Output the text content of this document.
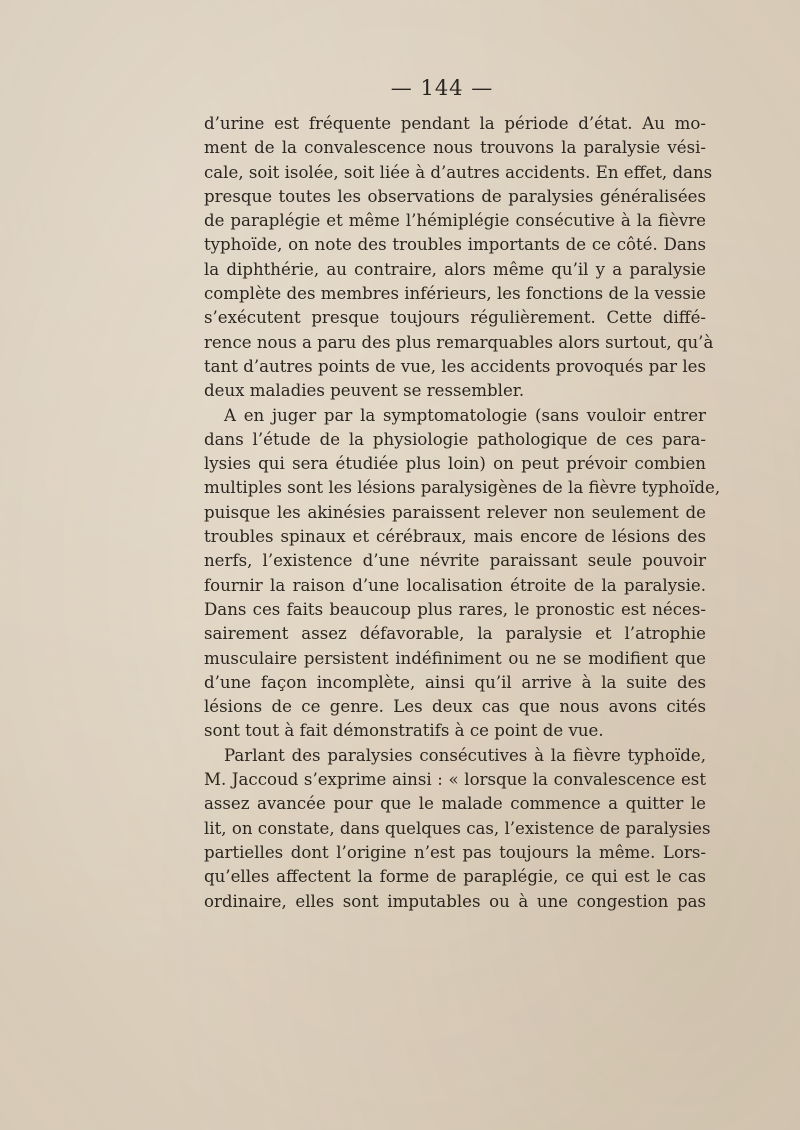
— 144 —
d’urine est fréquente pendant la période d’état. Au mo-
ment de la convalescence nous trouvons la paralysie vési-
cale, soit isolée, soit liée à d’autres accidents. En effet, dans
presque toutes les observations de paralysies généralisées
de paraplégie et même l’hémiplégie consécutive à la fièvre
typhoïde, on note des troubles importants de ce côté. Dans
la diphthérie, au contraire, alors même qu’il y a paralysie
complète des membres inférieurs, les fonctions de la vessie
s’exécutent presque toujours régulièrement. Cette diffé-
rence nous a paru des plus remarquables alors surtout, qu’à
tant d’autres points de vue, les accidents provoqués par les
deux maladies peuvent se ressembler.
A en juger par la symptomatologie (sans vouloir entrer
dans l’étude de la physiologie pathologique de ces para-
lysies qui sera étudiée plus loin) on peut prévoir combien
multiples sont les lésions paralysigènes de la fièvre typhoïde,
puisque les akinésies paraissent relever non seulement de
troubles spinaux et cérébraux, mais encore de lésions des
nerfs, l’existence d’une névrite paraissant seule pouvoir
fournir la raison d’une localisation étroite de la paralysie.
Dans ces faits beaucoup plus rares, le pronostic est néces-
sairement assez défavorable, la paralysie et l’atrophie
musculaire persistent indéfiniment ou ne se modifient que
d’une façon incomplète, ainsi qu’il arrive à la suite des
lésions de ce genre. Les deux cas que nous avons cités
sont tout à fait démonstratifs à ce point de vue.
Parlant des paralysies consécutives à la fièvre typhoïde,
M. Jaccoud s’exprime ainsi : « lorsque la convalescence est
assez avancée pour que le malade commence a quitter le
lit, on constate, dans quelques cas, l’existence de paralysies
partielles dont l’origine n’est pas toujours la même. Lors-
qu’elles affectent la forme de paraplégie, ce qui est le cas
ordinaire, elles sont imputables ou à une congestion pas
